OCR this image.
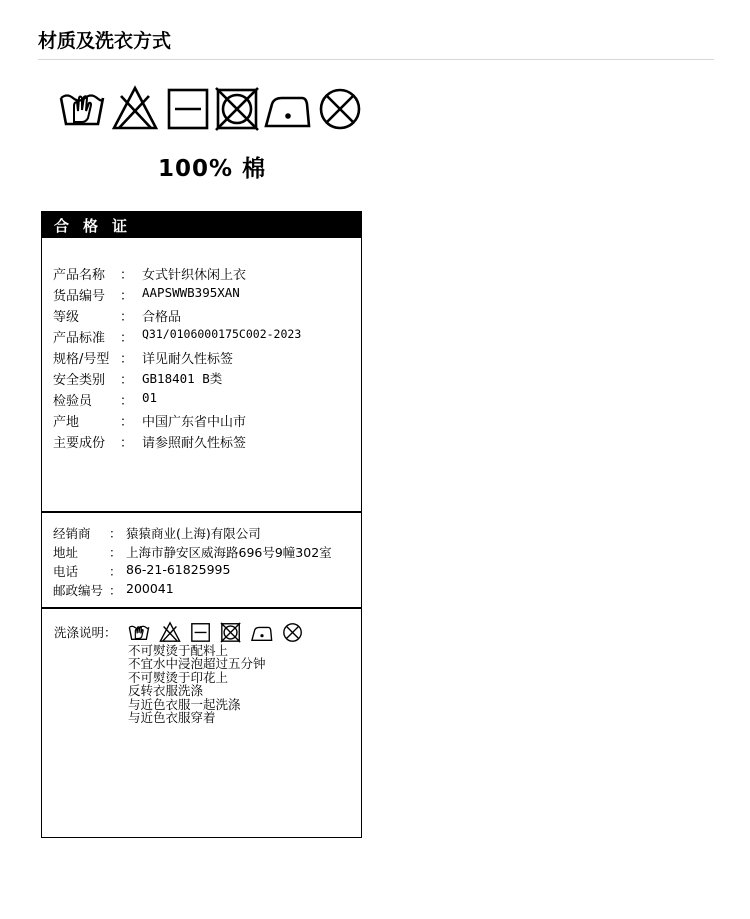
材质及洗衣方式
100% 棉
合格证
产品名称 ： 女式针织休闲上衣
货品编号 ： AAPSWWB395XAN
等级	： 合格品
产品标准 ： Q31/0106000175C002-2023
规格/号型 ： 详见耐久性标签
安全类别 ： GB18401 B类
检验员 ： 01
产地	： 中国广东省中山市
主要成份 ： 请参照耐久性标签
经销商 ： 猿猿商业(上海)有限公司
地址 ： 上海市静安区威海路696号9幢302室
电话 ： 86-21-61825995
邮政编号 ： 200041
洗涤说明：
不可熨烫于配料上
不宜水中浸泡超过五分钟
不可熨烫于印花上
反转衣服洗涤
与近色衣服一起洗涤
与近色衣服穿着
